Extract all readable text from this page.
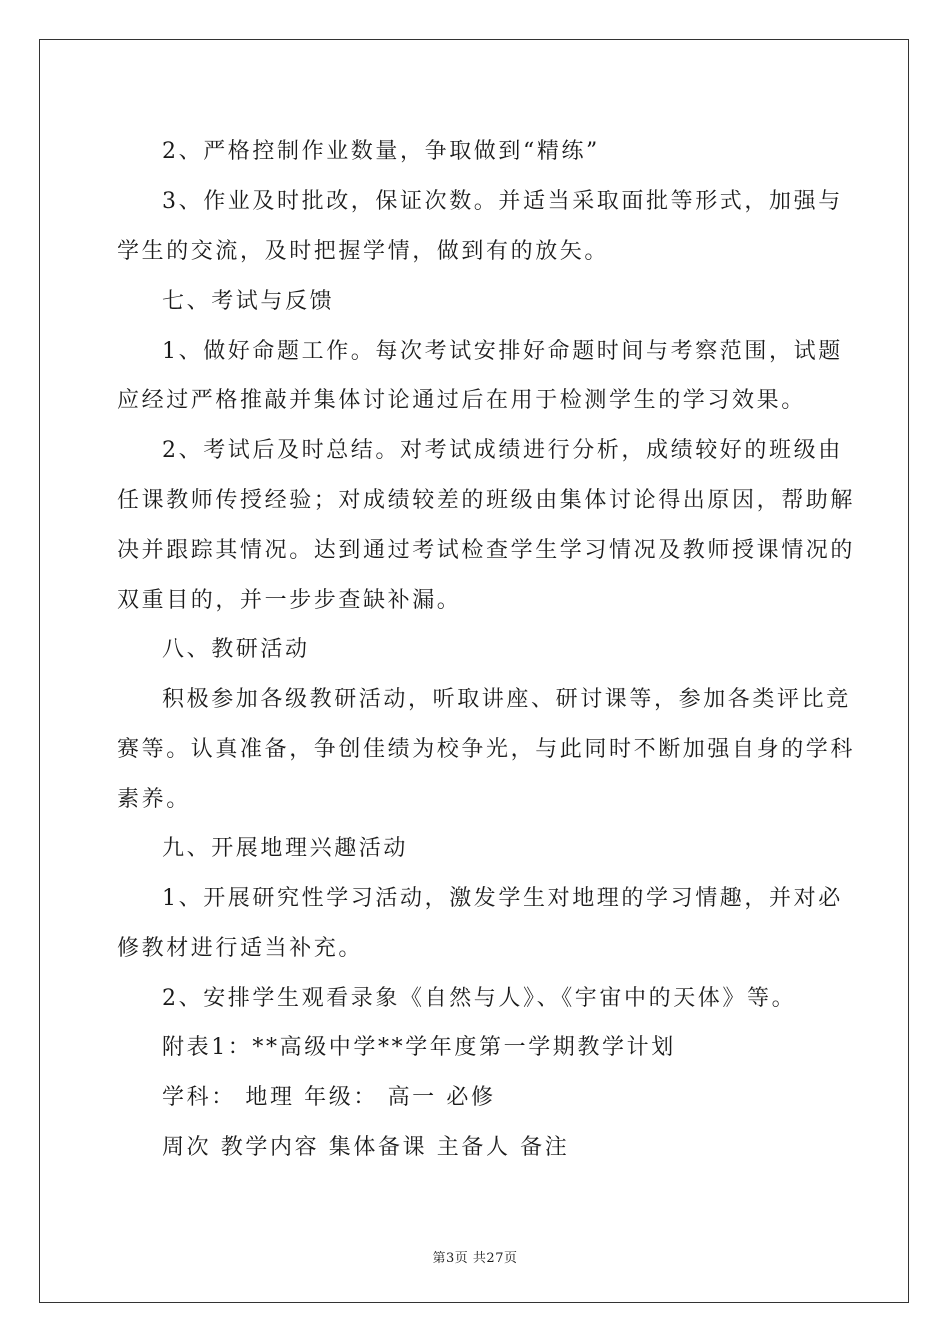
2、严格控制作业数量，争取做到“精练”
3、作业及时批改，保证次数。并适当采取面批等形式，加强与
学生的交流，及时把握学情，做到有的放矢。
七、考试与反馈
1、做好命题工作。每次考试安排好命题时间与考察范围，试题
应经过严格推敲并集体讨论通过后在用于检测学生的学习效果。
2、考试后及时总结。对考试成绩进行分析，成绩较好的班级由
任课教师传授经验；对成绩较差的班级由集体讨论得出原因，帮助解
决并跟踪其情况。达到通过考试检查学生学习情况及教师授课情况的
双重目的，并一步步查缺补漏。
八、教研活动
积极参加各级教研活动，听取讲座、研讨课等，参加各类评比竞
赛等。认真准备，争创佳绩为校争光，与此同时不断加强自身的学科
素养。
九、开展地理兴趣活动
1、开展研究性学习活动，激发学生对地理的学习情趣，并对必
修教材进行适当补充。
2、安排学生观看录象《自然与人》、《宇宙中的天体》等。
附表1：**高级中学**学年度第一学期教学计划
学科： 地理 年级： 高一 必修
周次 教学内容 集体备课 主备人 备注
第3页 共27页
